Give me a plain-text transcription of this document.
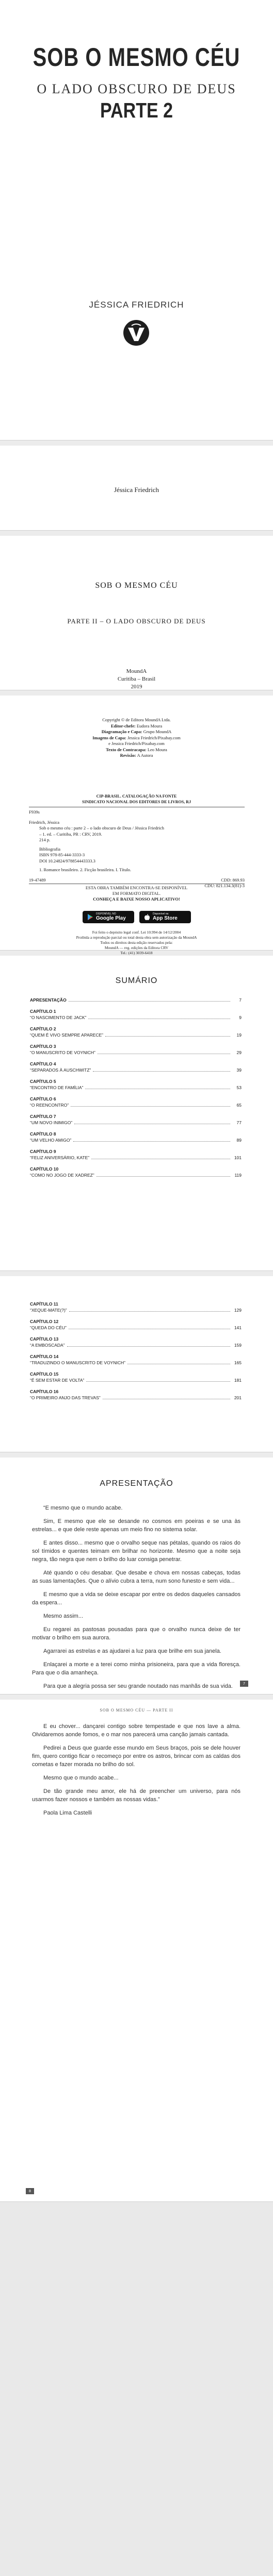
SOB O MESMO CÉU
O LADO OBSCURO DE DEUS
PARTE 2
JÉSSICA FRIEDRICH
Jéssica Friedrich
SOB O MESMO CÉU
PARTE II – O LADO OBSCURO DE DEUS
MoundA
Curitiba – Brasil
2019
Copyright © de Editora MoundA Ltda.
Editor-chefe: Eudora Moura
Diagramação e Capa: Grupo MoundA
Imagens de Capa: Jessica Friedrich/Pixabay.com
e Jessica Friedrich/Pixabay.com
Texto de Contracapa: Leo Moura
Revisão: A Autora
CIP-BRASIL. CATALOGAÇÃO NA FONTE
SINDICATO NACIONAL DOS EDITORES DE LIVROS, RJ
F939s
Friedrich, Jéssica
Sob o mesmo céu : parte 2 – o lado obscuro de Deus / Jéssica Friedrich
– 1. ed. – Curitiba, PR : CRV, 2019.
214 p.
Bibliografia
ISBN 978-85-444-3333-3
DOI 10.24824/978854443333.3
1. Romance brasileiro. 2. Ficção brasileira. I. Título.
19-47489	CDD: 869.93

CDU: 821.134.3(81)-3
ESTA OBRA TAMBÉM ENCONTRA-SE DISPONÍVEL
EM FORMATO DIGITAL.
CONHEÇA E BAIXE NOSSO APLICATIVO!
DISPONÍVEL NO
Google Play
Disponível na
App Store
Foi feito o depósito legal conf. Lei 10.994 de 14/12/2004
Proibida a reprodução parcial ou total desta obra sem autorização da MoundA
Todos os direitos desta edição reservados pela:
MoundA — reg. edições da Editora CRV
Tel.: (41) 3039-6418
SUMÁRIO
APRESENTAÇÃO	7
CAPÍTULO 1
“O NASCIMENTO DE JACK”	9
CAPÍTULO 2
“QUEM É VIVO SEMPRE APARECE”	19
CAPÍTULO 3
“O MANUSCRITO DE VOYNICH”	29
CAPÍTULO 4
“SEPARADOS À AUSCHWITZ”	39
CAPÍTULO 5
“ENCONTRO DE FAMÍLIA”	53
CAPÍTULO 6
“O REENCONTRO”	65
CAPÍTULO 7
“UM NOVO INIMIGO”	77
CAPÍTULO 8
“UM VELHO AMIGO”	89
CAPÍTULO 9
“FELIZ ANIVERSÁRIO, KATE”	101
CAPÍTULO 10
“COMO NO JOGO DE XADREZ”	119
CAPÍTULO 11
“XEQUE-MATE(?)”	129
CAPÍTULO 12
“QUEDA DO CÉU”	141
CAPÍTULO 13
“A EMBOSCADA”	159
CAPÍTULO 14
“TRADUZINDO O MANUSCRITO DE VOYNICH”	165
CAPÍTULO 15
“É SEM ESTAR DE VOLTA”	181
CAPÍTULO 16
“O PRIMEIRO ANJO DAS TREVAS”	201
APRESENTAÇÃO

“E mesmo que o mundo acabe.

Sim, E mesmo que ele se desande no cosmos em poeiras e se una às estrelas... e que dele reste apenas um meio fino no sistema solar.

E antes disso... mesmo que o orvalho seque nas pétalas, quando os raios do sol tímidos e quentes teimam em brilhar no horizonte. Mesmo que a noite seja negra, tão negra que nem o brilho do luar consiga penetrar.

Até quando o céu desabar. Que desabe e chova em nossas cabeças, todas as suas lamentações. Que o alívio cubra a terra, num sono funesto e sem vida...

E mesmo que a vida se deixe escapar por entre os dedos daqueles cansados da espera...

Mesmo assim...

Eu regarei as pastosas pousadas para que o orvalho nunca deixe de ter motivar o brilho em sua aurora.

Agarrarei as estrelas e as ajudarei a luz para que brilhe em sua janela.

Enlaçarei a morte e a terei como minha prisioneira, para que a vida floresça. Para que o dia amanheça.

Para que a alegria possa ser seu grande noutado nas manhãs de sua vida.	7
SOB O MESMO CÉU — PARTE II

E eu chover... dançarei contigo sobre tempestade e que nos lave a alma. Olvidaremos aonde fomos, e o mar nos parecerá uma canção jamais cantada.

Pedirei a Deus que guarde esse mundo em Seus braços, pois se dele houver fim, quero contigo ficar o recomeço por entre os astros, brincar com as caldas dos cometas e fazer morada no brilho do sol.

Mesmo que o mundo acabe...

De tão grande meu amor, ele há de preencher um universo, para nós usarmos fazer nossos e também as nossas vidas.”

Paola Lima Castelli

8
